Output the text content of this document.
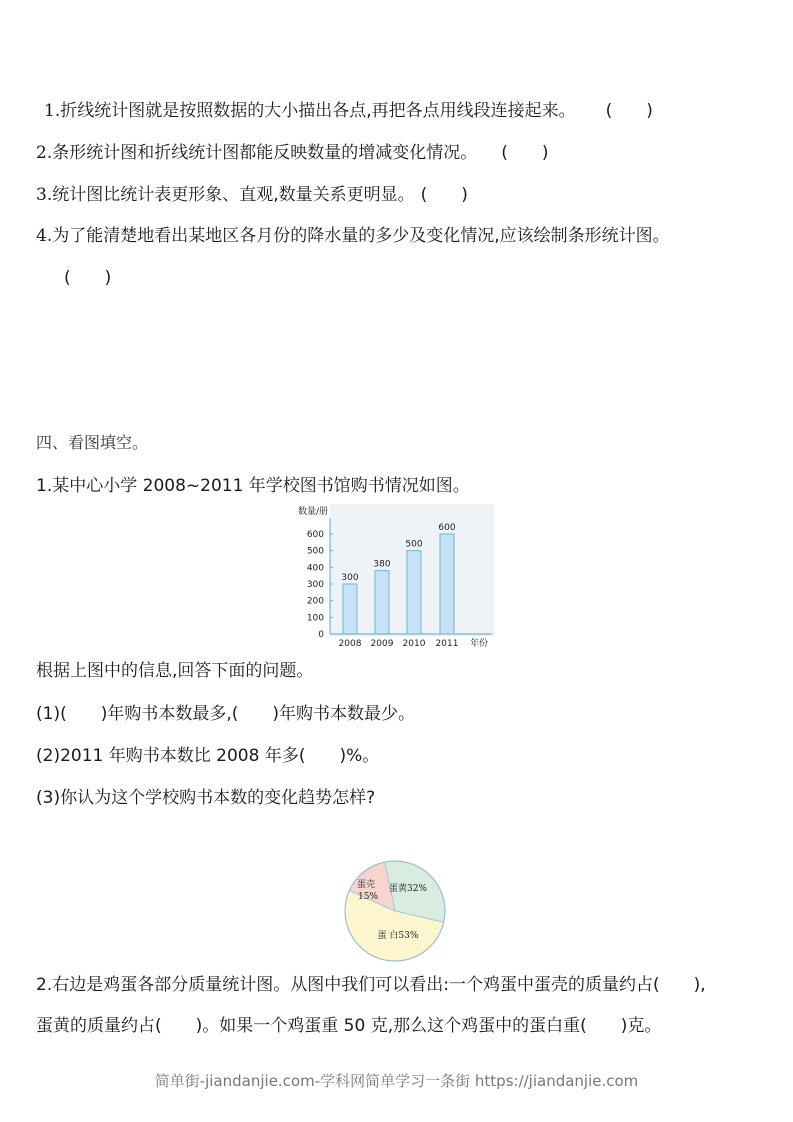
1.折线统计图就是按照数据的大小描出各点,再把各点用线段连接起来。 (　　)
2.条形统计图和折线统计图都能反映数量的增减变化情况。 (　　)
3.统计图比统计表更形象、直观,数量关系更明显。 (　　)
4.为了能清楚地看出某地区各月份的降水量的多少及变化情况,应该绘制条形统计图。
(　　)
四、看图填空。
1.某中心小学 2008~2011 年学校图书馆购书情况如图。
数量/册
年份
0
100
200
300
400
500
600
300
2008
380
2009
500
2010
600
2011
根据上图中的信息,回答下面的问题。
(1)(　　)年购书本数最多,(　　)年购书本数最少。
(2)2011 年购书本数比 2008 年多(　　)%。
(3)你认为这个学校购书本数的变化趋势怎样?
蛋黄32%
蛋 白53%
蛋壳
15%
2.右边是鸡蛋各部分质量统计图。从图中我们可以看出:一个鸡蛋中蛋壳的质量约占(　　),
蛋黄的质量约占(　　)。如果一个鸡蛋重 50 克,那么这个鸡蛋中的蛋白重(　　)克。
简单街-jiandanjie.com-学科网简单学习一条街 https://jiandanjie.com
